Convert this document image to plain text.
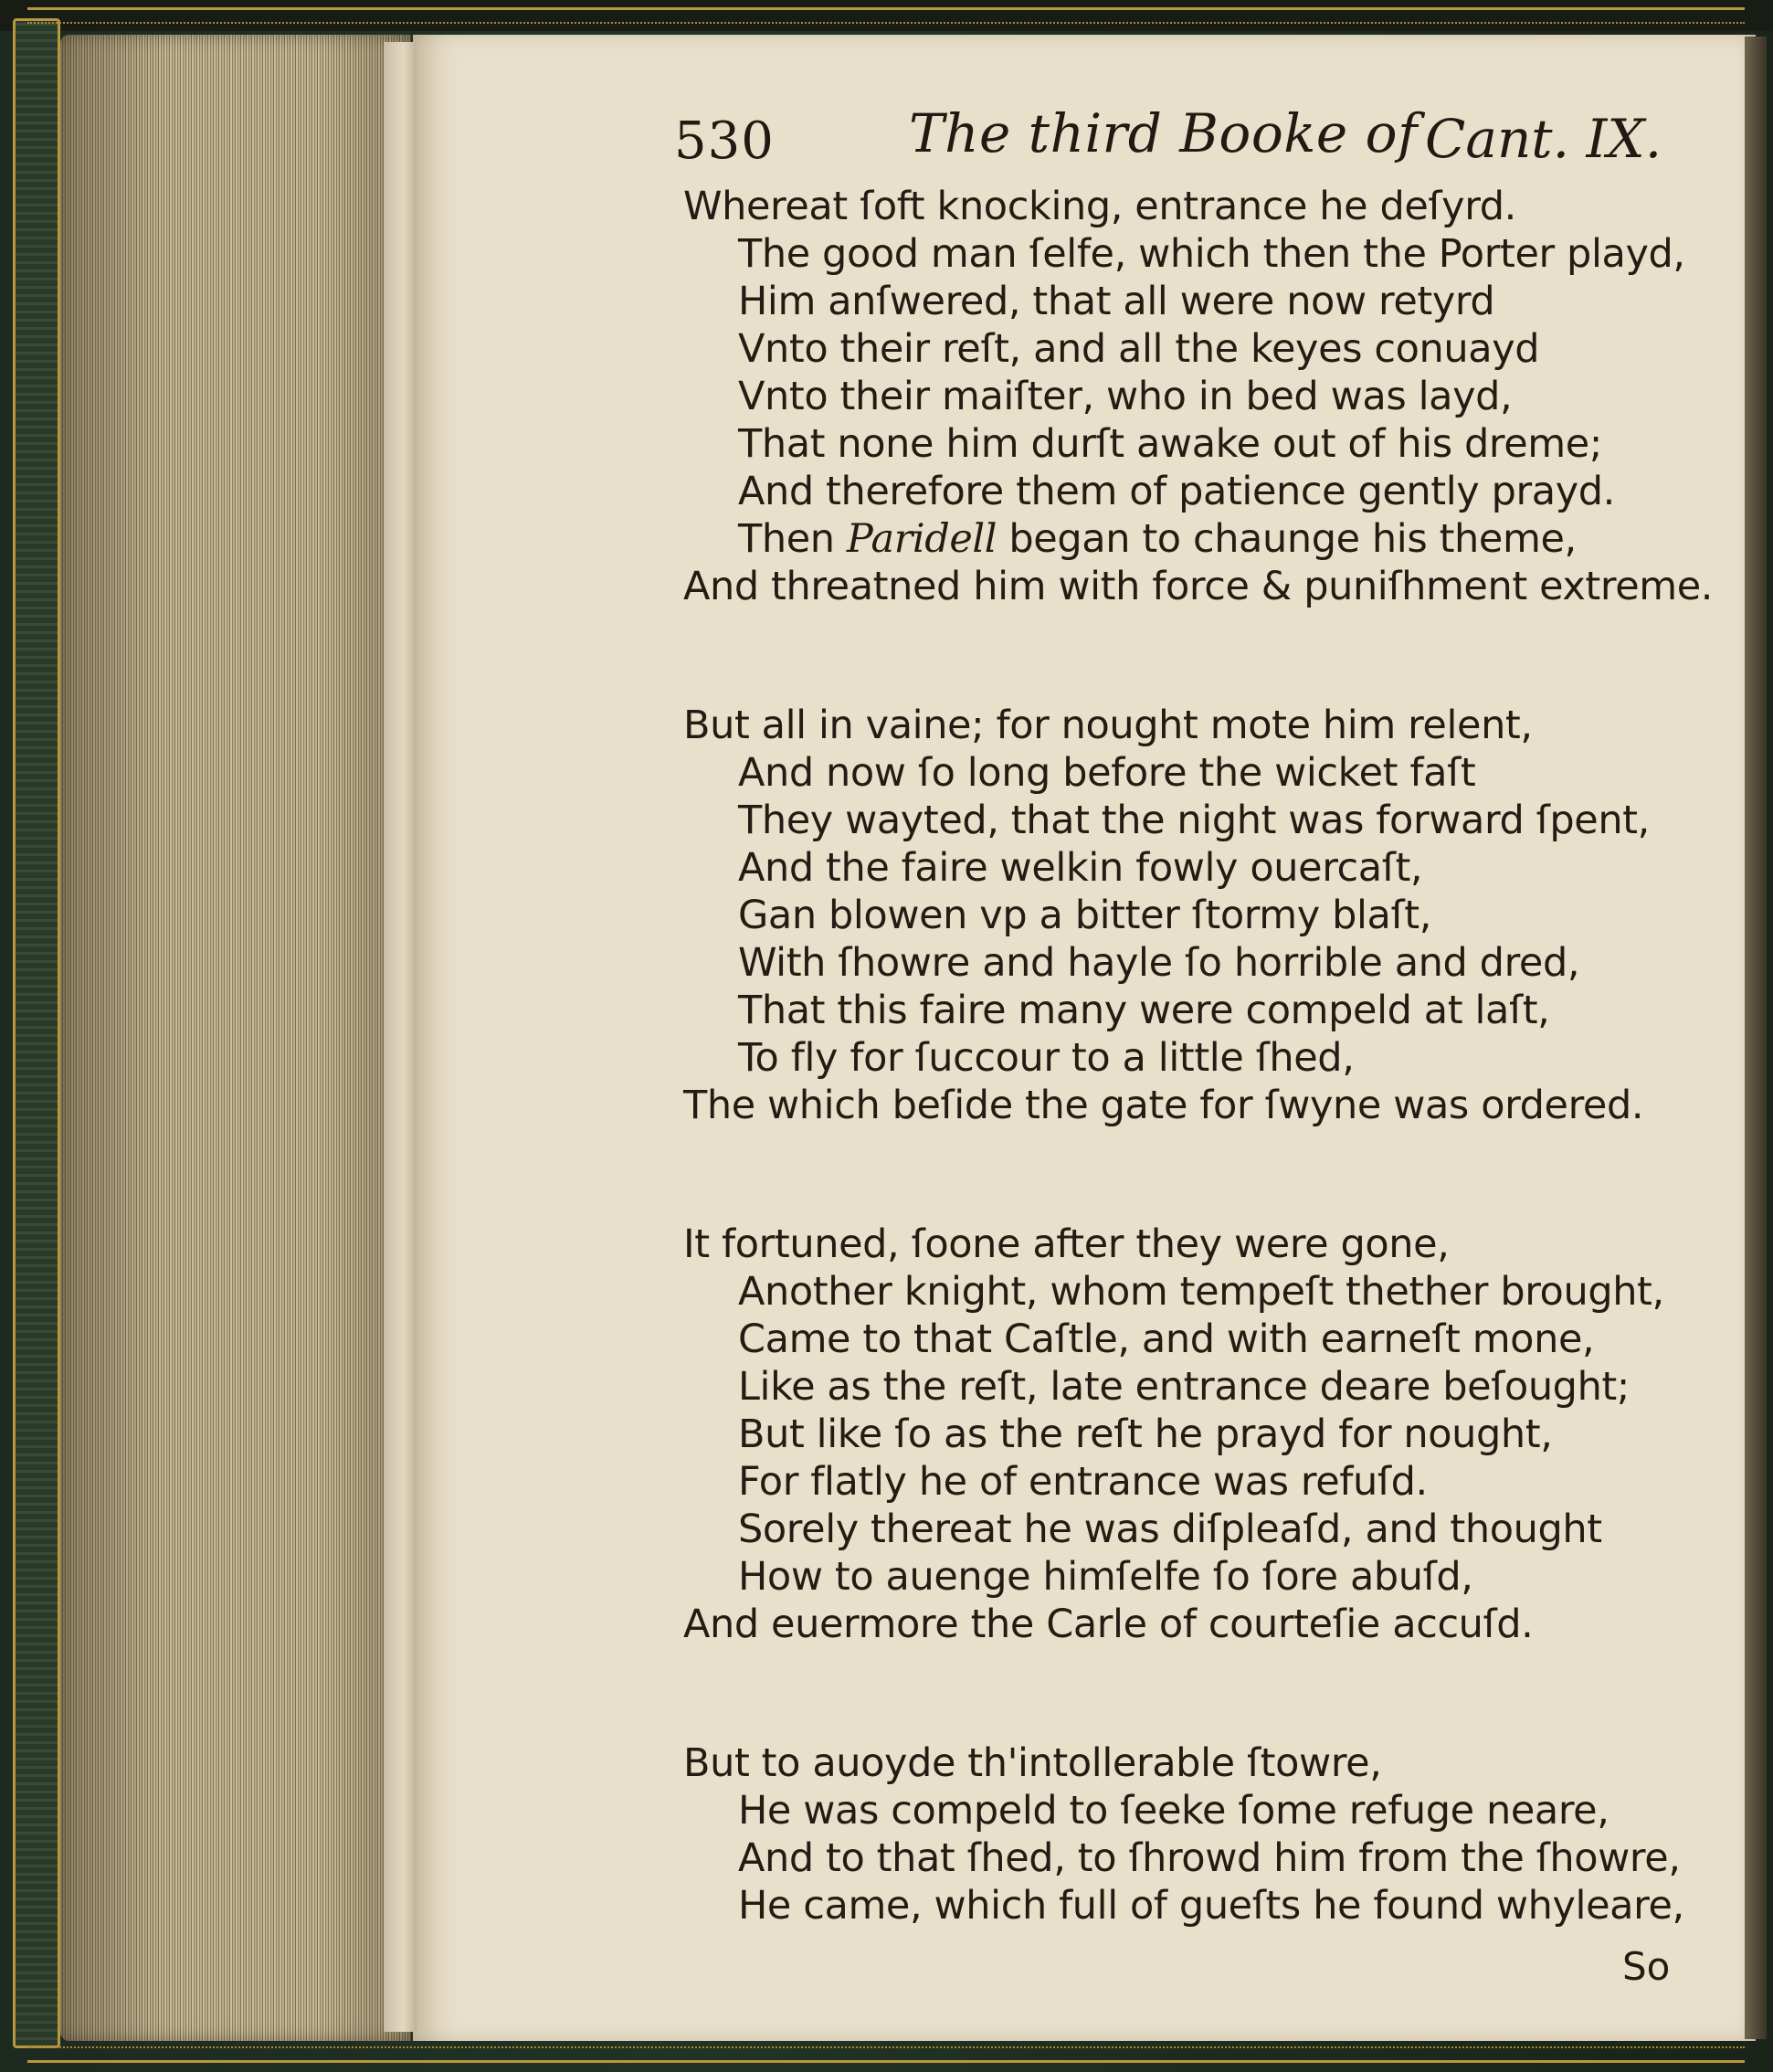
530	The third Booke of Cant. IX.
Whereat ſoft knocking, entrance he deſyrd.
The good man ſelfe, which then the Porter playd,
Him anſwered, that all were now retyrd
Vnto their reſt, and all the keyes conuayd
Vnto their maiſter, who in bed was layd,
That none him durſt awake out of his dreme;
And therefore them of patience gently prayd.
Then Paridell began to chaunge his theme,
And threatned him with force & puniſhment extreme.
But all in vaine; for nought mote him relent,
And now ſo long before the wicket faſt
They wayted, that the night was forward ſpent,
And the faire welkin fowly ouercaſt,
Gan blowen vp a bitter ſtormy blaſt,
With ſhowre and hayle ſo horrible and dred,
That this faire many were compeld at laſt,
To fly for ſuccour to a little ſhed,
The which beſide the gate for ſwyne was ordered.
It fortuned, ſoone after they were gone,
Another knight, whom tempeſt thether brought,
Came to that Caſtle, and with earneſt mone,
Like as the reſt, late entrance deare beſought;
But like ſo as the reſt he prayd for nought,
For flatly he of entrance was refuſd.
Sorely thereat he was diſpleaſd, and thought
How to auenge himſelfe ſo ſore abuſd,
And euermore the Carle of courteſie accuſd.
But to auoyde th'intollerable ſtowre,
He was compeld to ſeeke ſome refuge neare,
And to that ſhed, to ſhrowd him from the ſhowre,
He came, which full of gueſts he found whyleare,
So
